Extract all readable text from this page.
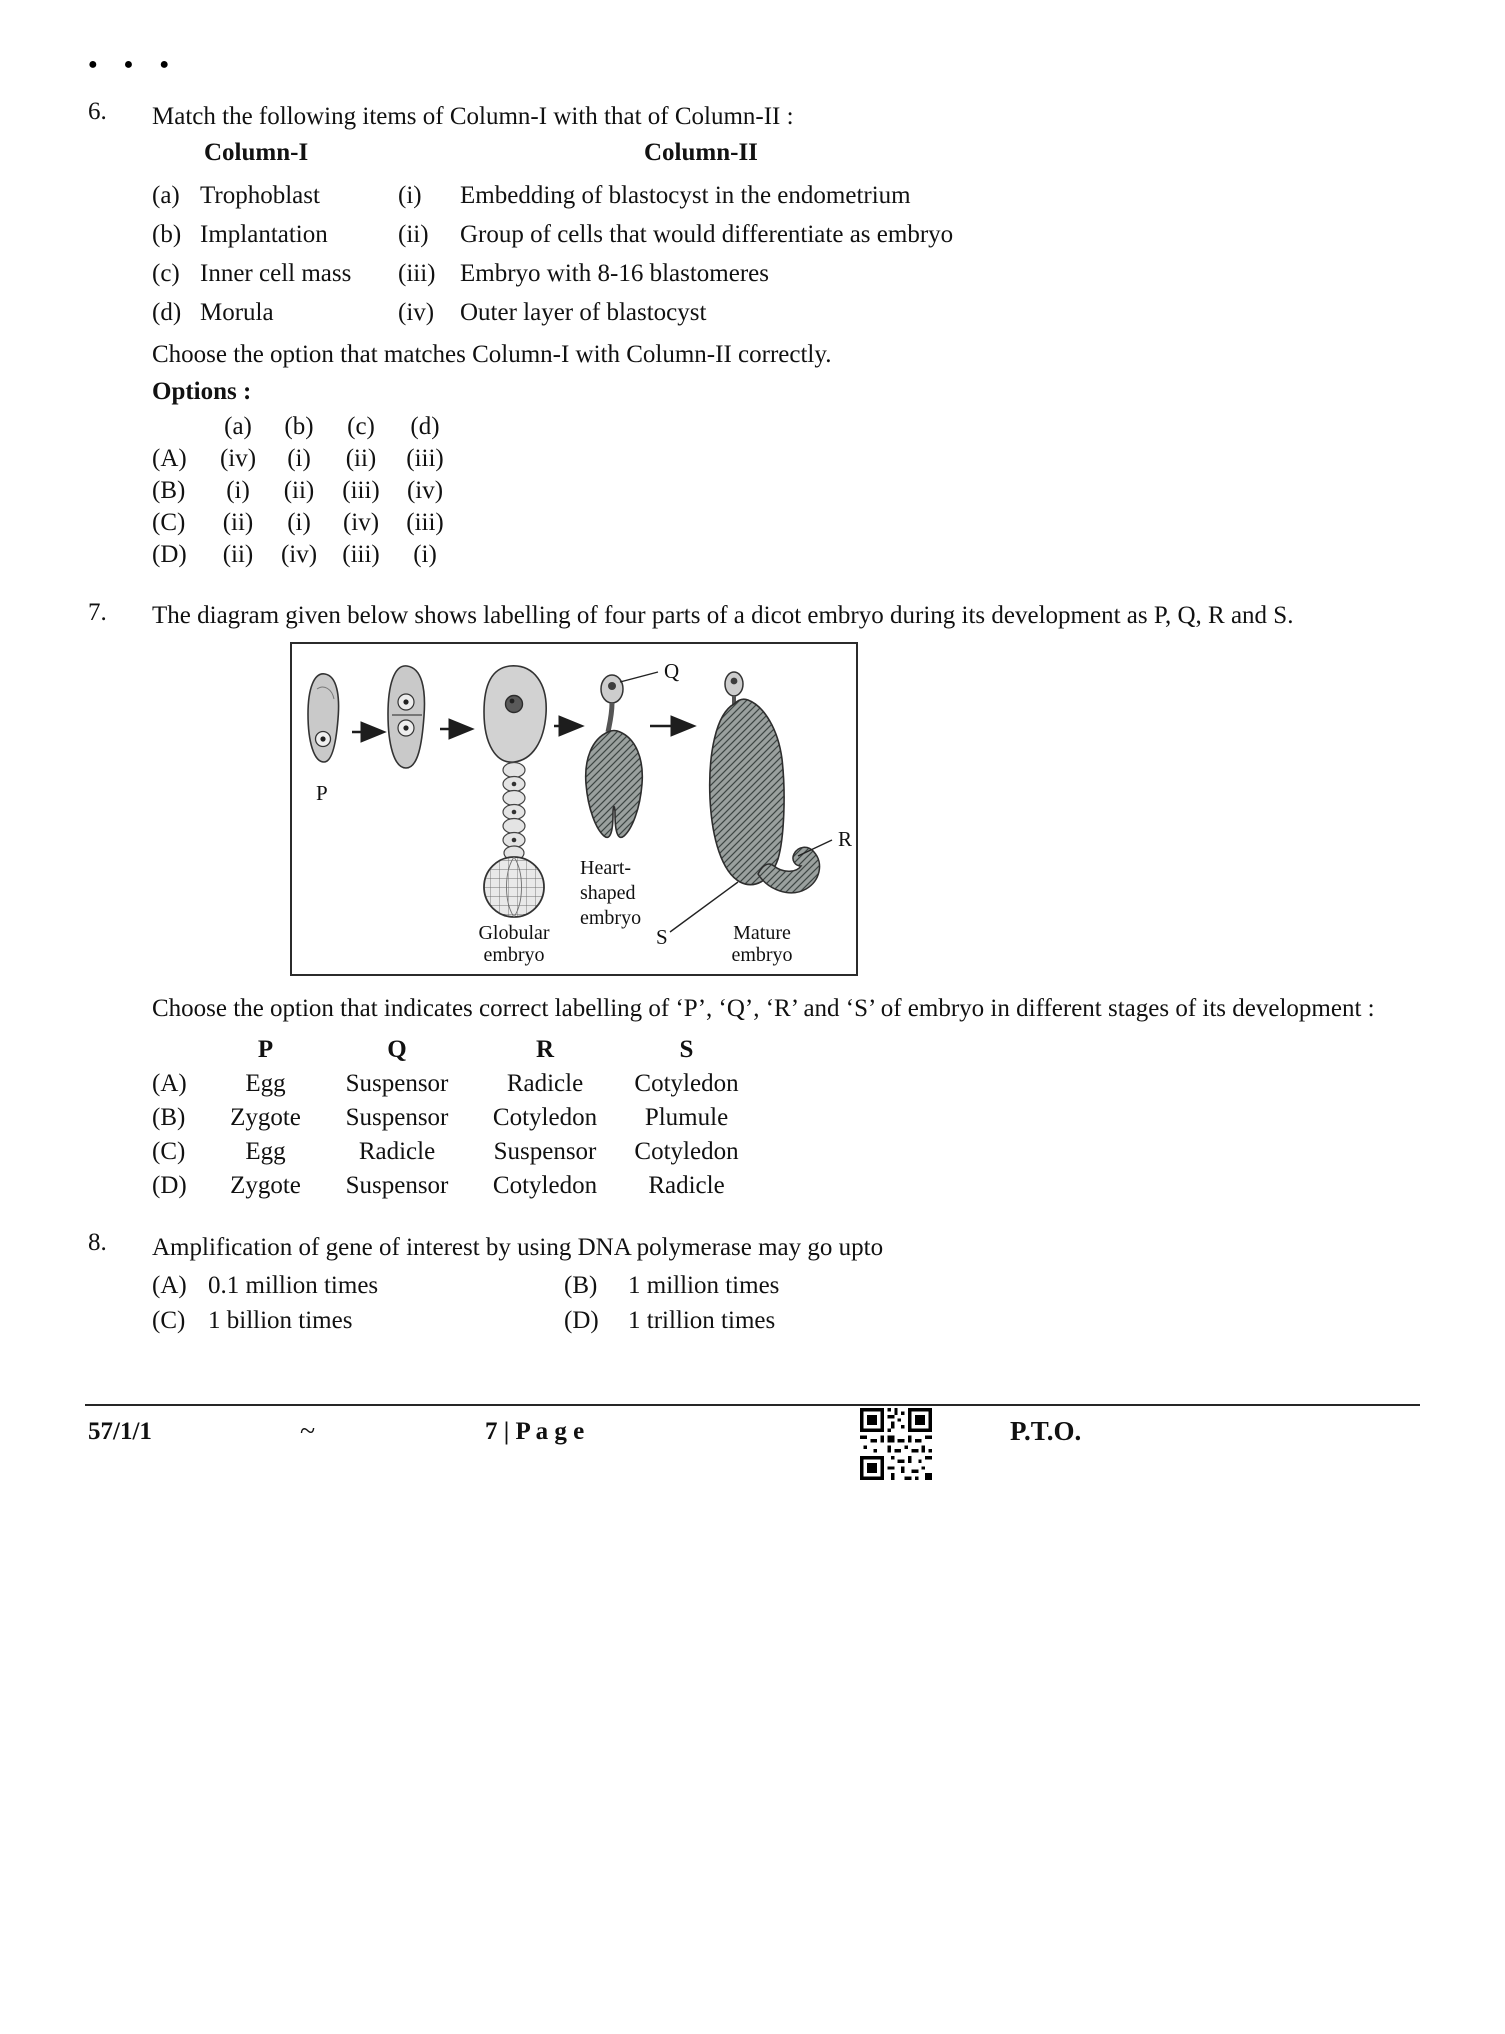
●●●
6.	Match the following items of Column-I with that of Column-II :
Column-I	Column-II
(a) Trophoblast	(i)	Embedding of blastocyst in the endometrium
(b) Implantation	(ii)	Group of cells that would differentiate as embryo
(c) Inner cell mass	(iii) Embryo with 8-16 blastomeres
(d) Morula	(iv)	Outer layer of blastocyst
Choose the option that matches Column-I with Column-II correctly.
Options :
(a)	(b)	(c)	(d)
(A)	(iv)	(i)	(ii)	(iii)
(B)	(i)	(ii)	(iii)	(iv)
(C)	(ii)	(i)	(iv)	(iii)
(D)	(ii)	(iv)	(iii)	(i)
7.	The diagram given below shows labelling of four parts of a dicot embryo during its development as P, Q, R and S.
P
Globular
embryo
Q
Heart-
shaped
embryo
S
R
Mature
embryo
Choose the option that indicates correct labelling of ‘P’, ‘Q’, ‘R’ and ‘S’ of embryo in different stages of its development :
P	Q	R	S
(A)	Egg	Suspensor	Radicle	Cotyledon
(B)	Zygote	Suspensor	Cotyledon	Plumule
(C)	Egg	Radicle	Suspensor	Cotyledon
(D)	Zygote	Suspensor	Cotyledon	Radicle
8.	Amplification of gene of interest by using DNA polymerase may go upto
(A) 0.1 million times	(B)	1 million times
(C) 1 billion times	(D)	1 trillion times
57/1/1	~	7 | P a g e	P.T.O.
